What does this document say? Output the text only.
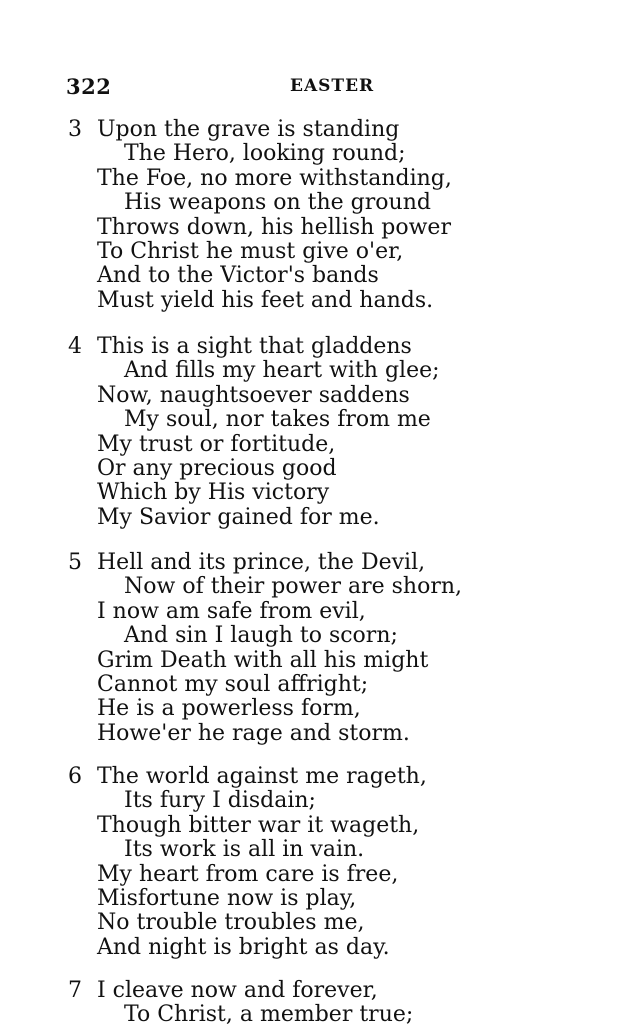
322	EASTER
3 Upon the grave is standing
The Hero, looking round;
The Foe, no more withstanding,
His weapons on the ground
Throws down, his hellish power
To Christ he must give o'er,
And to the Victor's bands
Must yield his feet and hands.
4 This is a sight that gladdens
And fills my heart with glee;
Now, naughtsoever saddens
My soul, nor takes from me
My trust or fortitude,
Or any precious good
Which by His victory
My Savior gained for me.
5 Hell and its prince, the Devil,
Now of their power are shorn,
I now am safe from evil,
And sin I laugh to scorn;
Grim Death with all his might
Cannot my soul affright;
He is a powerless form,
Howe'er he rage and storm.
6 The world against me rageth,
Its fury I disdain;
Though bitter war it wageth,
Its work is all in vain.
My heart from care is free,
Misfortune now is play,
No trouble troubles me,
And night is bright as day.
7 I cleave now and forever,
To Christ, a member true;
